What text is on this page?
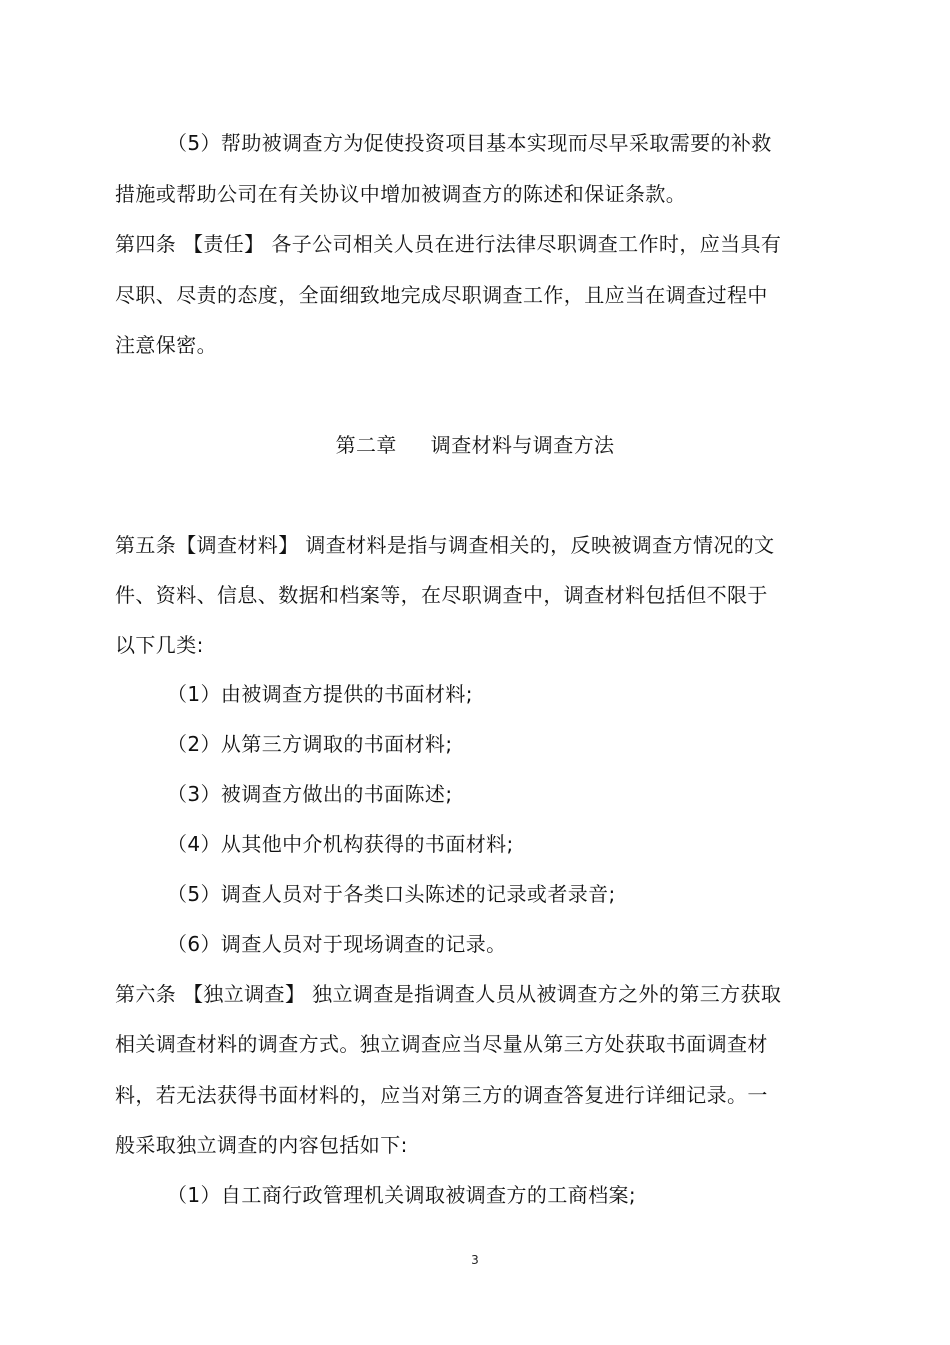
（5）帮助被调查方为促使投资项目基本实现而尽早采取需要的补救
措施或帮助公司在有关协议中增加被调查方的陈述和保证条款。
第四条 【责任】 各子公司相关人员在进行法律尽职调查工作时，应当具有
尽职、尽责的态度，全面细致地完成尽职调查工作，且应当在调查过程中
注意保密。
第二章 调查材料与调查方法
第五条【调查材料】 调查材料是指与调查相关的，反映被调查方情况的文
件、资料、信息、数据和档案等，在尽职调查中，调查材料包括但不限于
以下几类:
（1）由被调查方提供的书面材料;
（2）从第三方调取的书面材料;
（3）被调查方做出的书面陈述;
（4）从其他中介机构获得的书面材料;
（5）调查人员对于各类口头陈述的记录或者录音;
（6）调查人员对于现场调查的记录。
第六条 【独立调查】 独立调查是指调查人员从被调查方之外的第三方获取
相关调查材料的调查方式。独立调查应当尽量从第三方处获取书面调查材
料，若无法获得书面材料的，应当对第三方的调查答复进行详细记录。一
般采取独立调查的内容包括如下:
（1）自工商行政管理机关调取被调查方的工商档案;
3
